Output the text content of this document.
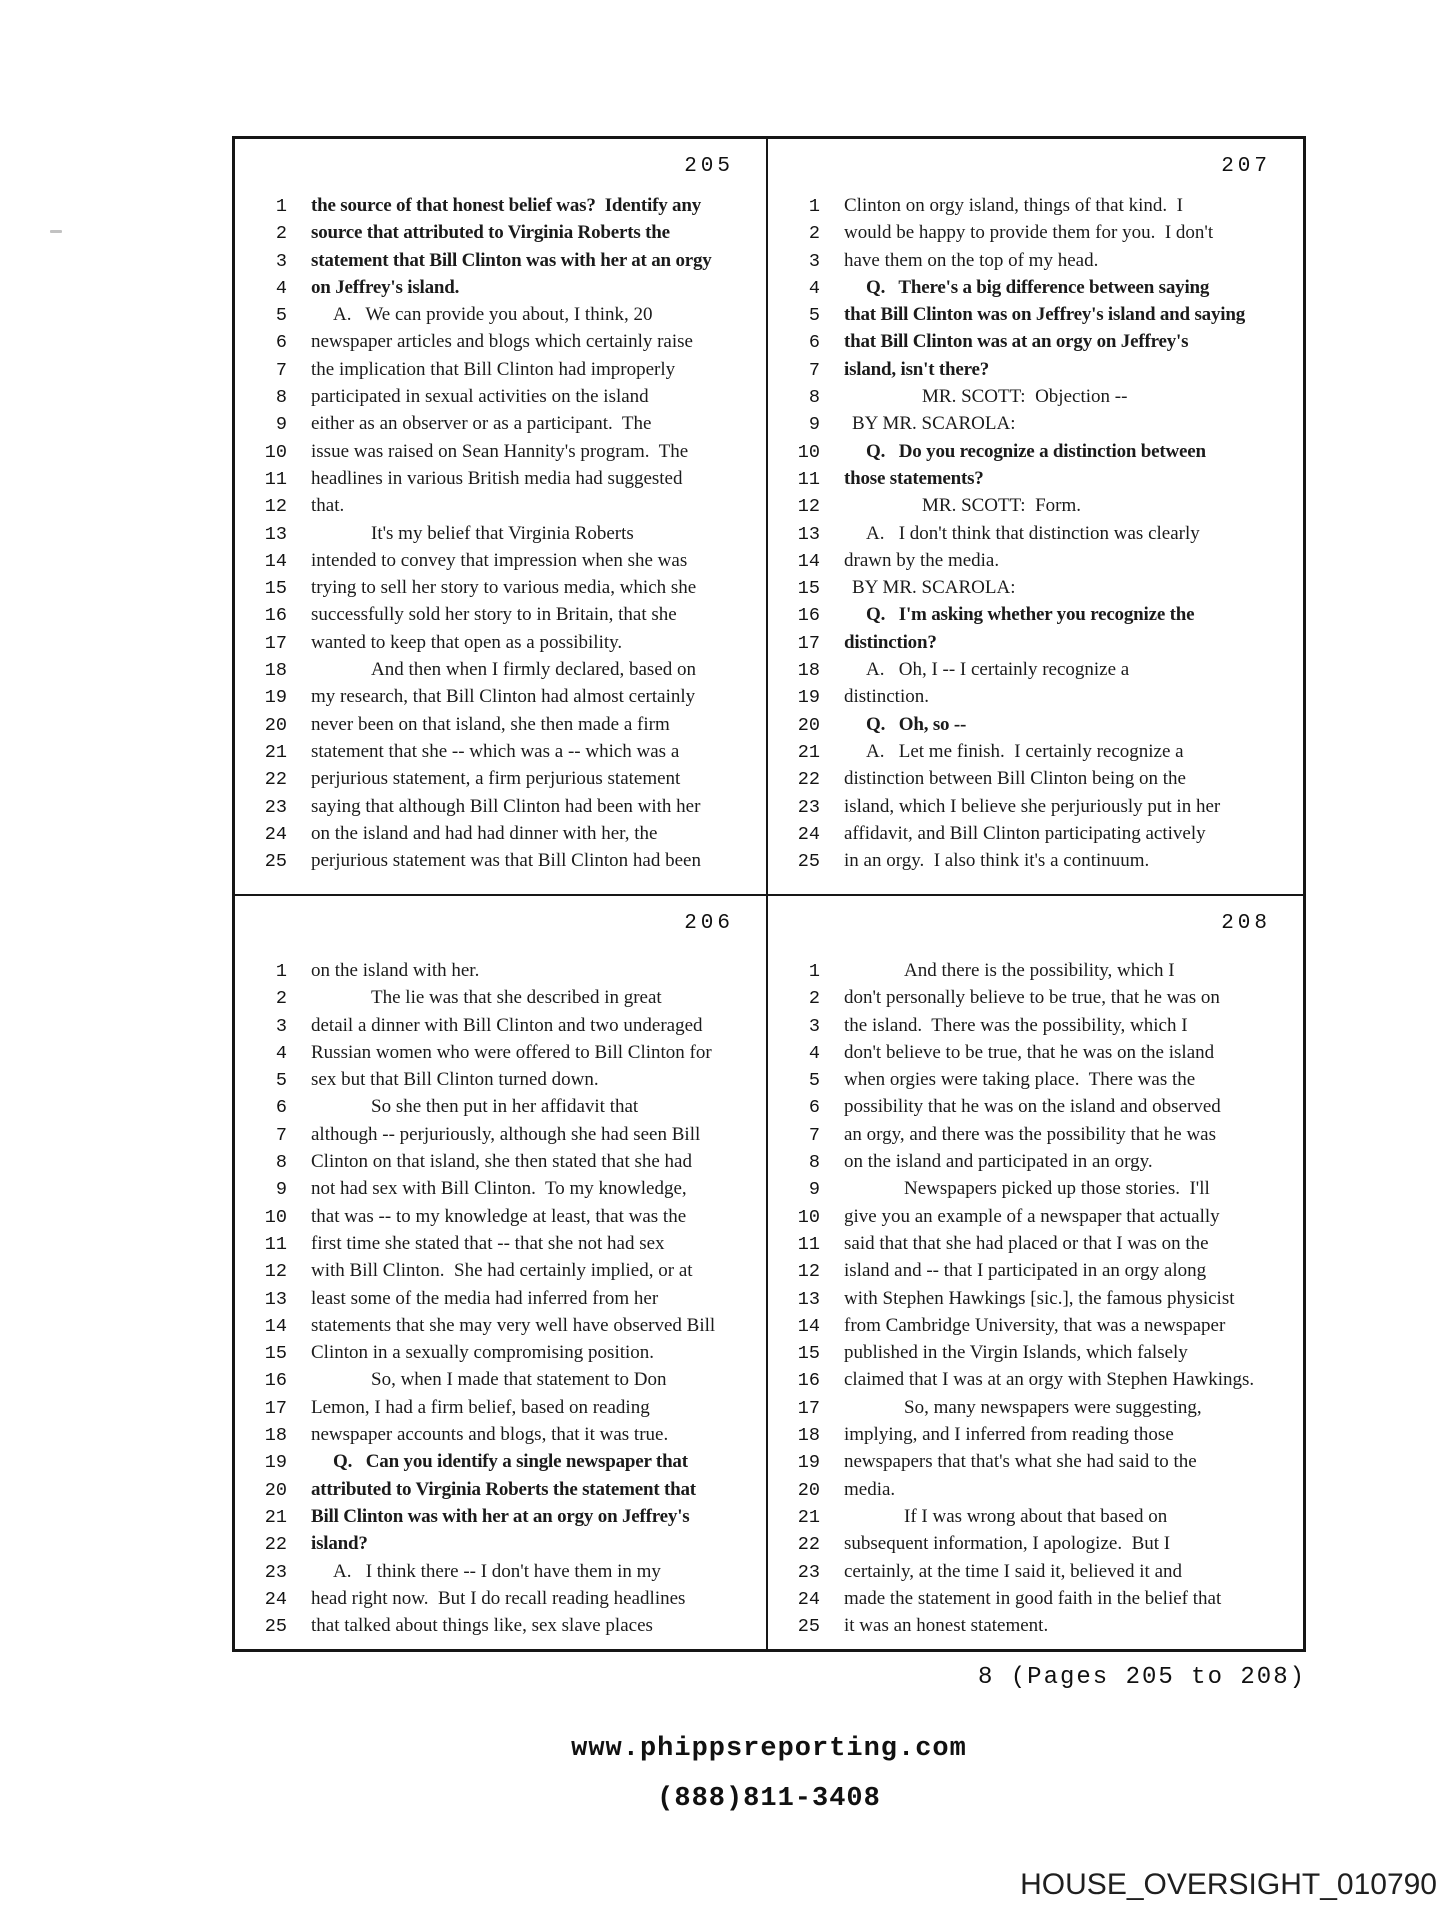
205
1 the source of that honest belief was?  Identify any
2 source that attributed to Virginia Roberts the
3 statement that Bill Clinton was with her at an orgy
4 on Jeffrey's island.
5	A.   We can provide you about, I think, 20
6 newspaper articles and blogs which certainly raise
7 the implication that Bill Clinton had improperly
8 participated in sexual activities on the island
9 either as an observer or as a participant.  The
10 issue was raised on Sean Hannity's program.  The
11 headlines in various British media had suggested
12 that.
13	It's my belief that Virginia Roberts
14 intended to convey that impression when she was
15 trying to sell her story to various media, which she
16 successfully sold her story to in Britain, that she
17 wanted to keep that open as a possibility.
18	And then when I firmly declared, based on
19 my research, that Bill Clinton had almost certainly
20 never been on that island, she then made a firm
21 statement that she -- which was a -- which was a
22 perjurious statement, a firm perjurious statement
23 saying that although Bill Clinton had been with her
24 on the island and had had dinner with her, the
25 perjurious statement was that Bill Clinton had been
207
1 Clinton on orgy island, things of that kind.  I
2 would be happy to provide them for you.  I don't
3 have them on the top of my head.
4	Q.   There's a big difference between saying
5 that Bill Clinton was on Jeffrey's island and saying
6 that Bill Clinton was at an orgy on Jeffrey's
7 island, isn't there?
8	MR. SCOTT:  Objection --
9	BY MR. SCAROLA:
10	Q.   Do you recognize a distinction between
11 those statements?
12	MR. SCOTT:  Form.
13	A.   I don't think that distinction was clearly
14 drawn by the media.
15	BY MR. SCAROLA:
16	Q.   I'm asking whether you recognize the
17 distinction?
18	A.   Oh, I -- I certainly recognize a
19 distinction.
20	Q.   Oh, so --
21	A.   Let me finish.  I certainly recognize a
22 distinction between Bill Clinton being on the
23 island, which I believe she perjuriously put in her
24 affidavit, and Bill Clinton participating actively
25 in an orgy.  I also think it's a continuum.
206
1 on the island with her.
2	The lie was that she described in great
3 detail a dinner with Bill Clinton and two underaged
4 Russian women who were offered to Bill Clinton for
5 sex but that Bill Clinton turned down.
6	So she then put in her affidavit that
7 although -- perjuriously, although she had seen Bill
8 Clinton on that island, she then stated that she had
9 not had sex with Bill Clinton.  To my knowledge,
10 that was -- to my knowledge at least, that was the
11 first time she stated that -- that she not had sex
12 with Bill Clinton.  She had certainly implied, or at
13 least some of the media had inferred from her
14 statements that she may very well have observed Bill
15 Clinton in a sexually compromising position.
16	So, when I made that statement to Don
17 Lemon, I had a firm belief, based on reading
18 newspaper accounts and blogs, that it was true.
19	Q.   Can you identify a single newspaper that
20 attributed to Virginia Roberts the statement that
21 Bill Clinton was with her at an orgy on Jeffrey's
22 island?
23	A.   I think there -- I don't have them in my
24 head right now.  But I do recall reading headlines
25 that talked about things like, sex slave places
208
1	And there is the possibility, which I
2 don't personally believe to be true, that he was on
3 the island.  There was the possibility, which I
4 don't believe to be true, that he was on the island
5 when orgies were taking place.  There was the
6 possibility that he was on the island and observed
7 an orgy, and there was the possibility that he was
8 on the island and participated in an orgy.
9	Newspapers picked up those stories.  I'll
10 give you an example of a newspaper that actually
11 said that that she had placed or that I was on the
12 island and -- that I participated in an orgy along
13 with Stephen Hawkings [sic.], the famous physicist
14 from Cambridge University, that was a newspaper
15 published in the Virgin Islands, which falsely
16 claimed that I was at an orgy with Stephen Hawkings.
17	So, many newspapers were suggesting,
18 implying, and I inferred from reading those
19 newspapers that that's what she had said to the
20 media.
21	If I was wrong about that based on
22 subsequent information, I apologize.  But I
23 certainly, at the time I said it, believed it and
24 made the statement in good faith in the belief that
25 it was an honest statement.
8 (Pages 205 to 208)
www.phippsreporting.com
(888)811-3408
HOUSE_OVERSIGHT_010790
